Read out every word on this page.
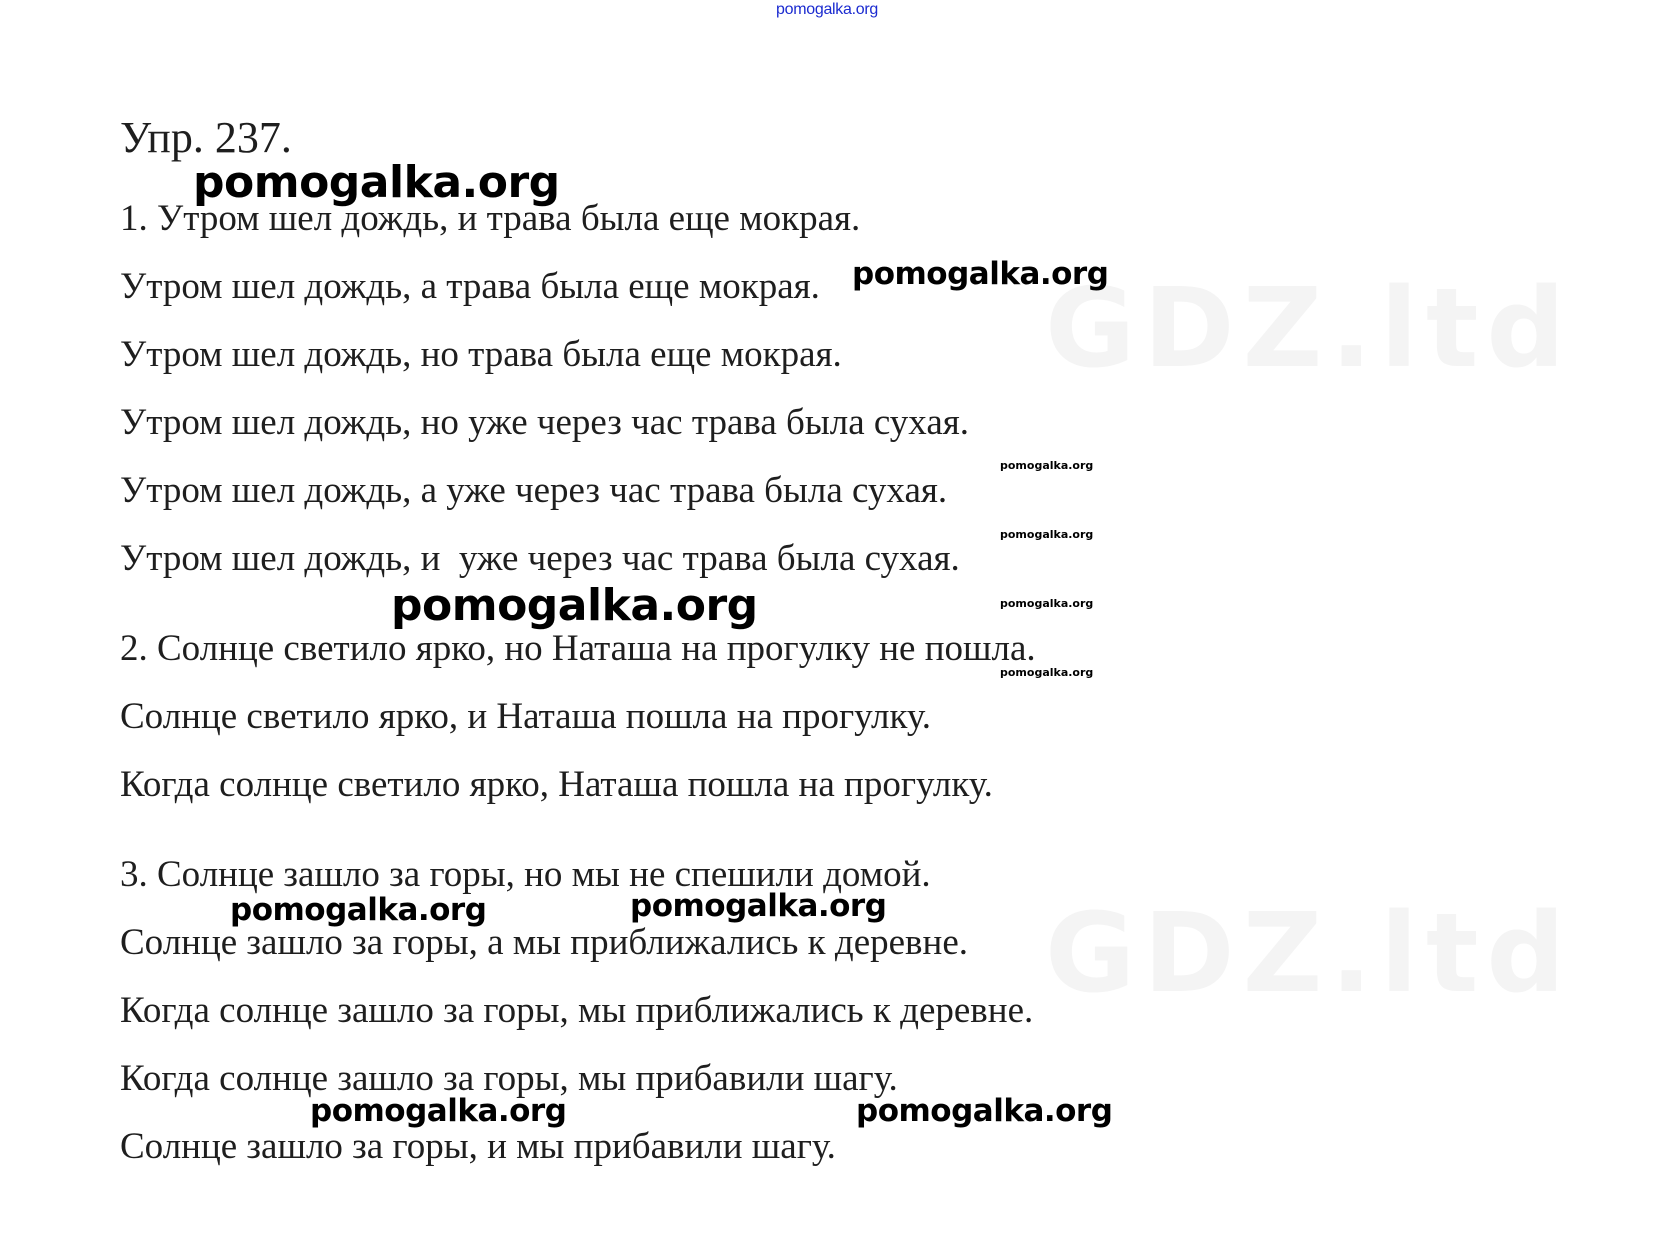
pomogalka.org
GDZ.ltd
GDZ.ltd
Упр. 237.
1. Утром шел дождь, и трава была еще мокрая.
Утром шел дождь, а трава была еще мокрая.
Утром шел дождь, но трава была еще мокрая.
Утром шел дождь, но уже через час трава была сухая.
Утром шел дождь, а уже через час трава была сухая.
Утром шел дождь, и  уже через час трава была сухая.
2. Солнце светило ярко, но Наташа на прогулку не пошла.
Солнце светило ярко, и Наташа пошла на прогулку.
Когда солнце светило ярко, Наташа пошла на прогулку.
3. Солнце зашло за горы, но мы не спешили домой.
Солнце зашло за горы, а мы приближались к деревне.
Когда солнце зашло за горы, мы приближались к деревне.
Когда солнце зашло за горы, мы прибавили шагу.
Солнце зашло за горы, и мы прибавили шагу.
pomogalka.org
pomogalka.org
pomogalka.org
pomogalka.org
pomogalka.org	pomogalka.org
pomogalka.org
pomogalka.org	pomogalka.org
pomogalka.org	pomogalka.org
